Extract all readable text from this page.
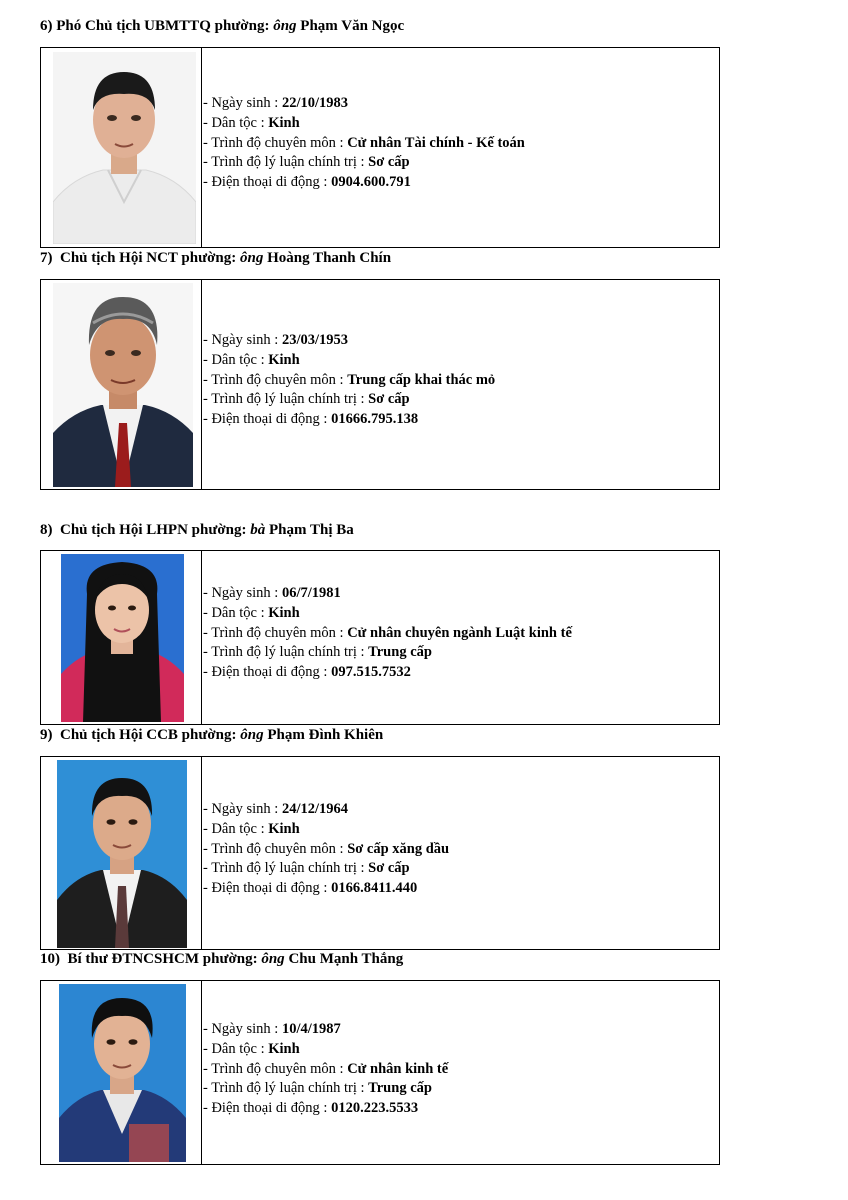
6) Phó Chủ tịch UBMTTQ phường: ông Phạm Văn Ngọc
- Ngày sinh : 22/10/1983
- Dân tộc : Kinh
- Trình độ chuyên môn : Cử nhân Tài chính - Kế toán
- Trình độ lý luận chính trị : Sơ cấp
- Điện thoại di động : 0904.600.791
7) Chủ tịch Hội NCT phường: ông Hoàng Thanh Chín
- Ngày sinh : 23/03/1953
- Dân tộc : Kinh
- Trình độ chuyên môn : Trung cấp khai thác mỏ
- Trình độ lý luận chính trị : Sơ cấp
- Điện thoại di động : 01666.795.138
8) Chủ tịch Hội LHPN phường: bà Phạm Thị Ba
- Ngày sinh : 06/7/1981
- Dân tộc : Kinh
- Trình độ chuyên môn : Cử nhân chuyên ngành Luật kinh tế
- Trình độ lý luận chính trị : Trung cấp
- Điện thoại di động : 097.515.7532
9) Chủ tịch Hội CCB phường: ông Phạm Đình Khiên
- Ngày sinh : 24/12/1964
- Dân tộc : Kinh
- Trình độ chuyên môn : Sơ cấp xăng dầu
- Trình độ lý luận chính trị : Sơ cấp
- Điện thoại di động : 0166.8411.440
10) Bí thư ĐTNCSHCM phường: ông Chu Mạnh Thắng
- Ngày sinh : 10/4/1987
- Dân tộc : Kinh
- Trình độ chuyên môn : Cử nhân kinh tế
- Trình độ lý luận chính trị : Trung cấp
- Điện thoại di động : 0120.223.5533
